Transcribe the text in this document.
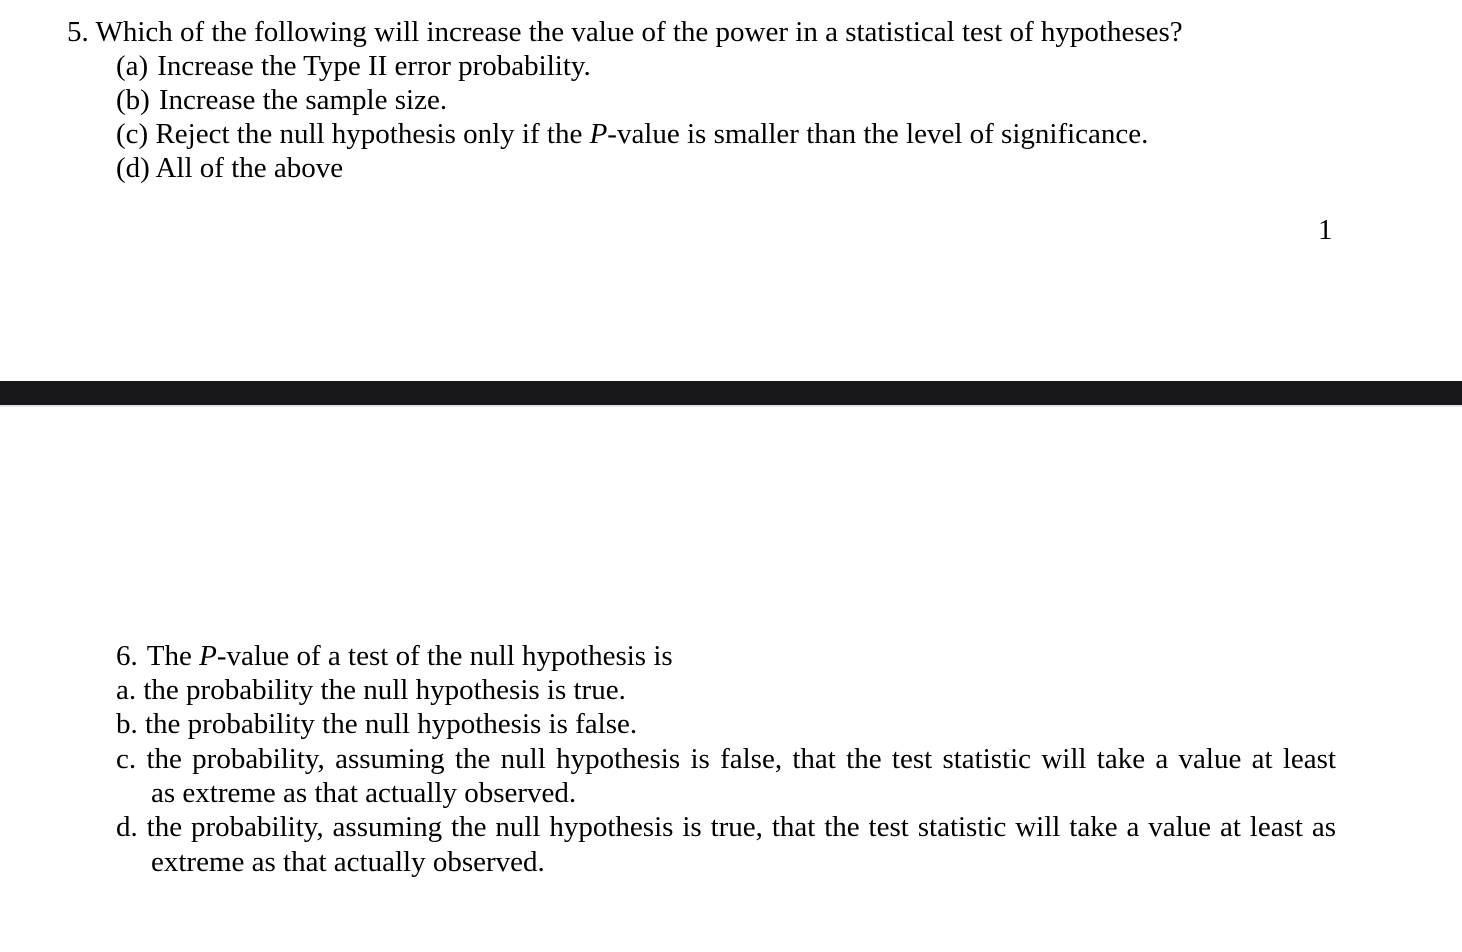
5. Which of the following will increase the value of the power in a statistical test of hypotheses?

(a) Increase the Type II error probability.

(b) Increase the sample size.

(c) Reject the null hypothesis only if the P-value is smaller than the level of significance.

(d) All of the above

1

6. The P-value of a test of the null hypothesis is

a. the probability the null hypothesis is true.

b. the probability the null hypothesis is false.

c. the probability, assuming the null hypothesis is false, that the test statistic will take a value at least

as extreme as that actually observed.

d. the probability, assuming the null hypothesis is true, that the test statistic will take a value at least as

extreme as that actually observed.
